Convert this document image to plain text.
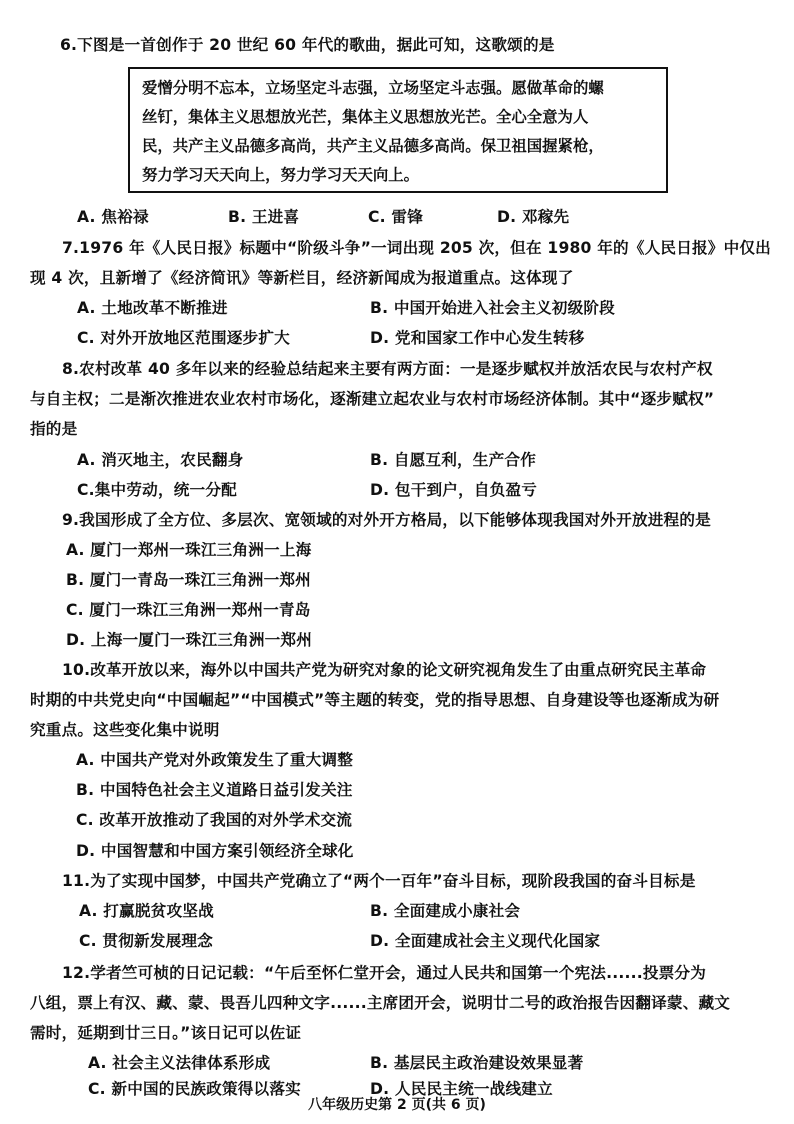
6.下图是一首创作于 20 世纪 60 年代的歌曲，据此可知，这歌颂的是
爱憎分明不忘本，立场坚定斗志强，立场坚定斗志强。愿做革命的螺
丝钉，集体主义思想放光芒，集体主义思想放光芒。全心全意为人
民，共产主义品德多高尚，共产主义品德多高尚。保卫祖国握紧枪，
努力学习天天向上，努力学习天天向上。
A. 焦裕禄	B. 王进喜	C. 雷锋	D. 邓稼先
7.1976 年《人民日报》标题中“阶级斗争”一词出现 205 次，但在 1980 年的《人民日报》中仅出
现 4 次，且新增了《经济简讯》等新栏目，经济新闻成为报道重点。这体现了
A. 土地改革不断推进	B. 中国开始进入社会主义初级阶段
C. 对外开放地区范围逐步扩大	D. 党和国家工作中心发生转移
8.农村改革 40 多年以来的经验总结起来主要有两方面：一是逐步赋权并放活农民与农村产权
与自主权；二是渐次推进农业农村市场化，逐渐建立起农业与农村市场经济体制。其中“逐步赋权”
指的是
A. 消灭地主，农民翻身	B. 自愿互利，生产合作
C.集中劳动，统一分配	D. 包干到户，自负盈亏
9.我国形成了全方位、多层次、宽领域的对外开方格局，以下能够体现我国对外开放进程的是
A. 厦门一郑州一珠江三角洲一上海
B. 厦门一青岛一珠江三角洲一郑州
C. 厦门一珠江三角洲一郑州一青岛
D. 上海一厦门一珠江三角洲一郑州
10.改革开放以来，海外以中国共产党为研究对象的论文研究视角发生了由重点研究民主革命
时期的中共党史向“中国崛起”“中国模式”等主题的转变，党的指导思想、自身建设等也逐渐成为研
究重点。这些变化集中说明
A. 中国共产党对外政策发生了重大调整
B. 中国特色社会主义道路日益引发关注
C. 改革开放推动了我国的对外学术交流
D. 中国智慧和中国方案引领经济全球化
11.为了实现中国梦，中国共产党确立了“两个一百年”奋斗目标，现阶段我国的奋斗目标是
A. 打赢脱贫攻坚战	B. 全面建成小康社会
C. 贯彻新发展理念	D. 全面建成社会主义现代化国家
12.学者竺可桢的日记记载：“午后至怀仁堂开会，通过人民共和国第一个宪法......投票分为
八组，票上有汉、藏、蒙、畏吾儿四种文字......主席团开会，说明廿二号的政治报告因翻译蒙、藏文
需时，延期到廿三日。”该日记可以佐证
A. 社会主义法律体系形成	B. 基层民主政治建设效果显著
C. 新中国的民族政策得以落实	D. 人民民主统一战线建立
八年级历史第 2 页(共 6 页)
